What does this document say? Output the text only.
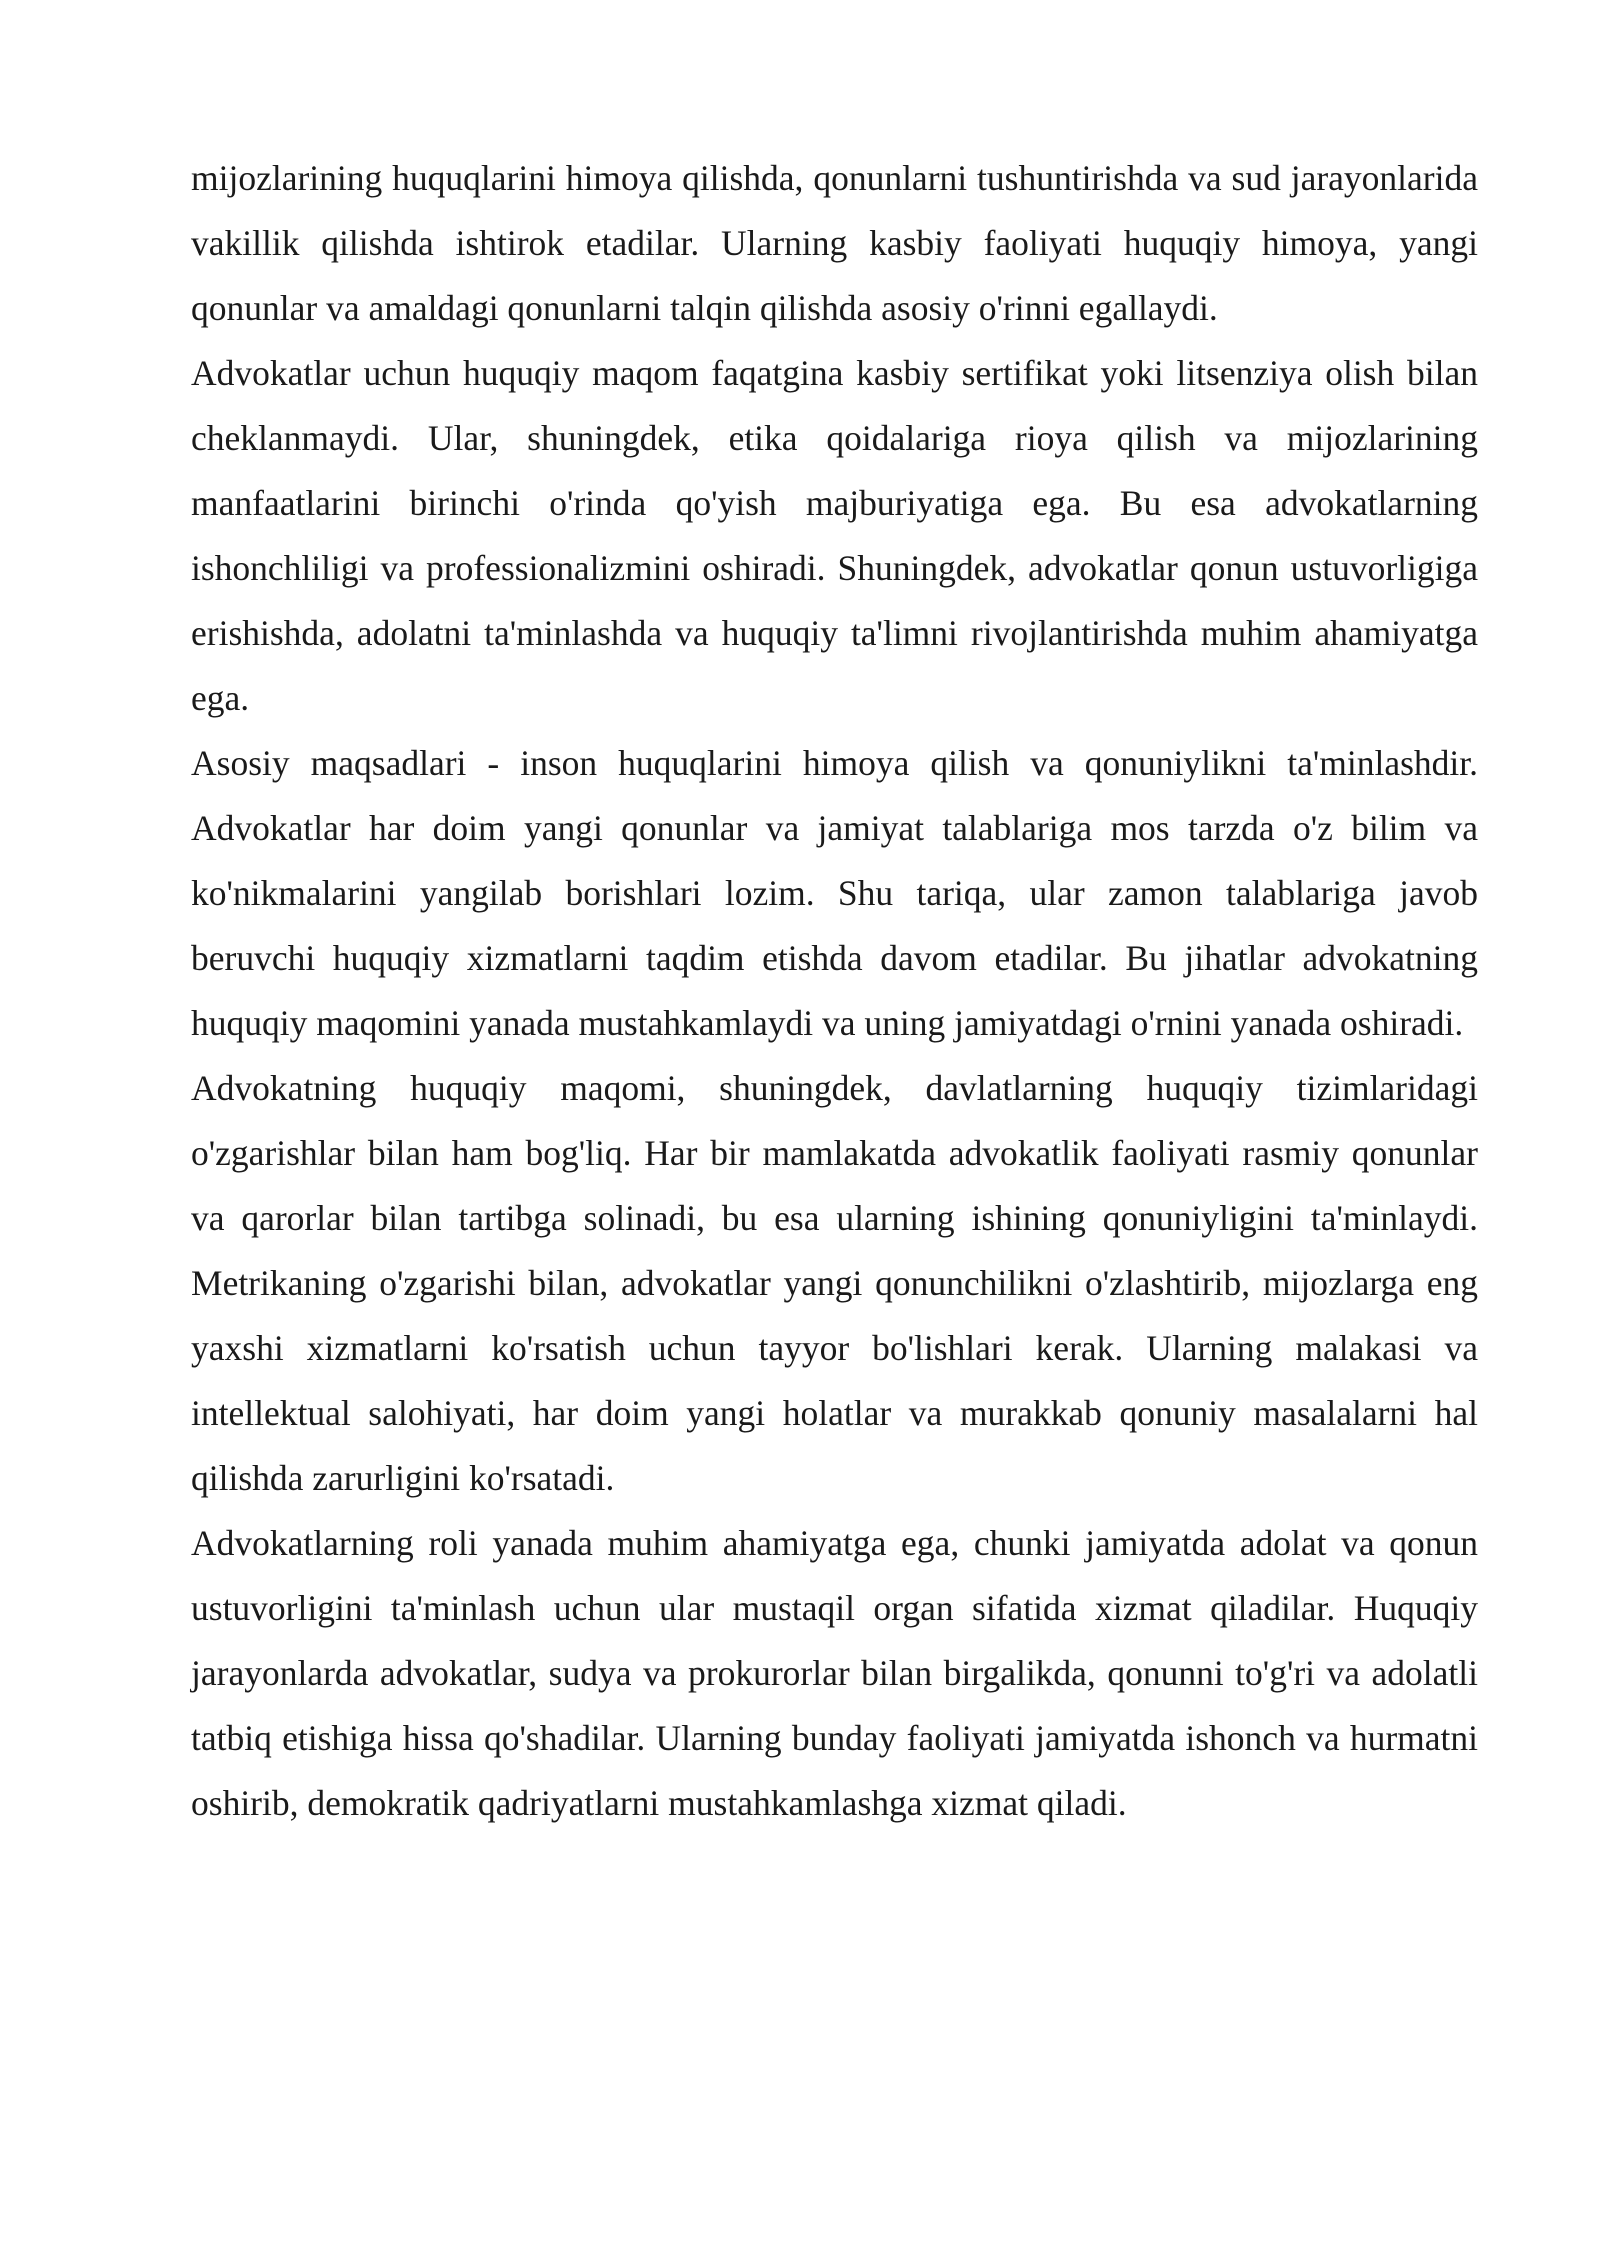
mijozlarining huquqlarini himoya qilishda, qonunlarni tushuntirishda va sud jarayonlarida vakillik qilishda ishtirok etadilar. Ularning kasbiy faoliyati huquqiy himoya, yangi qonunlar va amaldagi qonunlarni talqin qilishda asosiy o'rinni egallaydi.

Advokatlar uchun huquqiy maqom faqatgina kasbiy sertifikat yoki litsenziya olish bilan cheklanmaydi. Ular, shuningdek, etika qoidalariga rioya qilish va mijozlarining manfaatlarini birinchi o'rinda qo'yish majburiyatiga ega. Bu esa advokatlarning ishonchliligi va professionalizmini oshiradi. Shuningdek, advokatlar qonun ustuvorligiga erishishda, adolatni ta'minlashda va huquqiy ta'limni rivojlantirishda muhim ahamiyatga ega.

Asosiy maqsadlari - inson huquqlarini himoya qilish va qonuniylikni ta'minlashdir. Advokatlar har doim yangi qonunlar va jamiyat talablariga mos tarzda o'z bilim va ko'nikmalarini yangilab borishlari lozim. Shu tariqa, ular zamon talablariga javob beruvchi huquqiy xizmatlarni taqdim etishda davom etadilar. Bu jihatlar advokatning huquqiy maqomini yanada mustahkamlaydi va uning jamiyatdagi o'rnini yanada oshiradi.

Advokatning huquqiy maqomi, shuningdek, davlatlarning huquqiy tizimlaridagi o'zgarishlar bilan ham bog'liq. Har bir mamlakatda advokatlik faoliyati rasmiy qonunlar va qarorlar bilan tartibga solinadi, bu esa ularning ishining qonuniyligini ta'minlaydi. Metrikaning o'zgarishi bilan, advokatlar yangi qonunchilikni o'zlashtirib, mijozlarga eng yaxshi xizmatlarni ko'rsatish uchun tayyor bo'lishlari kerak. Ularning malakasi va intellektual salohiyati, har doim yangi holatlar va murakkab qonuniy masalalarni hal qilishda zarurligini ko'rsatadi.

Advokatlarning roli yanada muhim ahamiyatga ega, chunki jamiyatda adolat va qonun ustuvorligini ta'minlash uchun ular mustaqil organ sifatida xizmat qiladilar. Huquqiy jarayonlarda advokatlar, sudya va prokurorlar bilan birgalikda, qonunni to'g'ri va adolatli tatbiq etishiga hissa qo'shadilar. Ularning bunday faoliyati jamiyatda ishonch va hurmatni oshirib, demokratik qadriyatlarni mustahkamlashga xizmat qiladi.
